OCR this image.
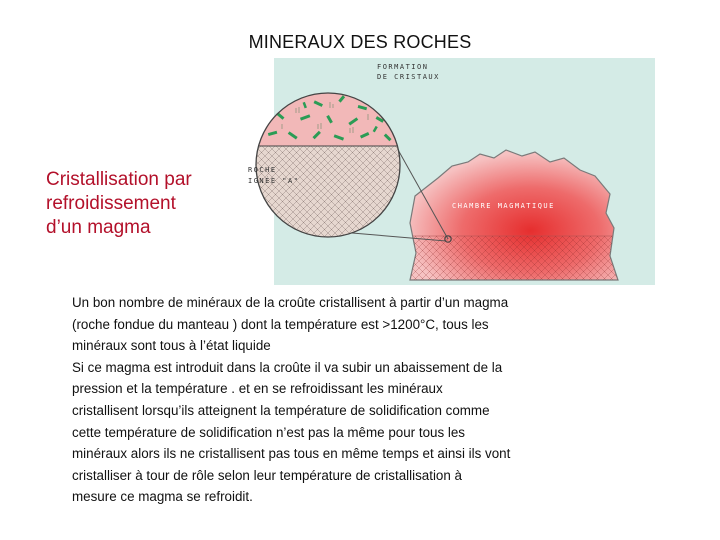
MINERAUX DES ROCHES
FORMATION
DE CRISTAUX
ROCHE
IGNÉE "A"
CHAMBRE MAGMATIQUE
Cristallisation par
refroidissement
d’un magma
Un bon nombre de minéraux de la croûte cristallisent à partir d’un magma
(roche fondue du manteau ) dont la température est >1200°C, tous les
minéraux sont tous à l’état liquide
Si ce magma est introduit dans la croûte il va subir un abaissement de la
pression et la température . et en se refroidissant les minéraux
cristallisent lorsqu’ils atteignent la température de solidification comme
cette température de solidification n’est pas la même pour tous les
minéraux alors ils ne cristallisent pas tous en même temps et ainsi ils vont
cristalliser à tour de rôle selon leur température de cristallisation à
mesure ce magma se refroidit.
